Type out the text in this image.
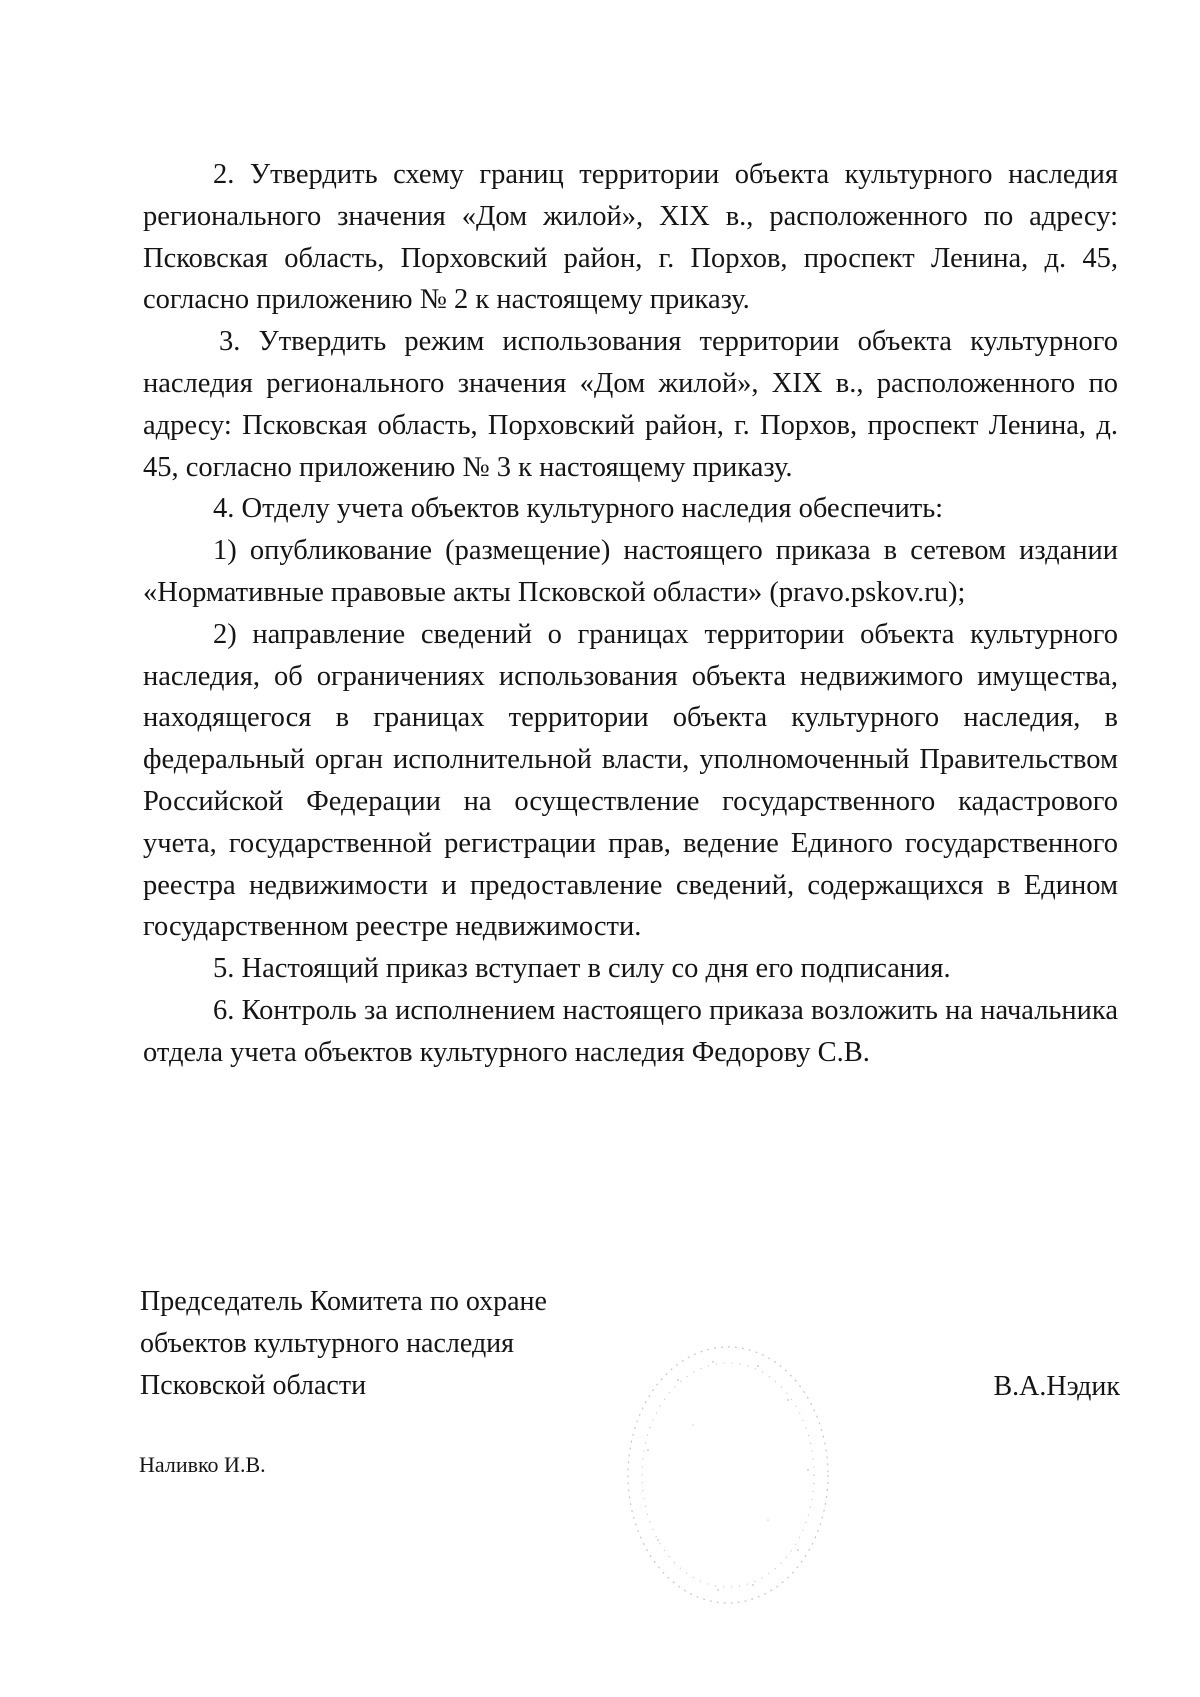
2. Утвердить схему границ территории объекта культурного наследия регионального значения «Дом жилой», XIX в., расположенного по адресу: Псковская область, Порховский район, г. Порхов, проспект Ленина, д. 45, согласно приложению № 2 к настоящему приказу.

3. Утвердить режим использования территории объекта культурного наследия регионального значения «Дом жилой», XIX в., расположенного по адресу: Псковская область, Порховский район, г. Порхов, проспект Ленина, д. 45, согласно приложению № 3 к настоящему приказу.

4. Отделу учета объектов культурного наследия обеспечить:

1) опубликование (размещение) настоящего приказа в сетевом издании «Нормативные правовые акты Псковской области» (pravo.pskov.ru);

2) направление сведений о границах территории объекта культурного наследия, об ограничениях использования объекта недвижимого имущества, находящегося в границах территории объекта культурного наследия, в федеральный орган исполнительной власти, уполномоченный Правительством Российской Федерации на осуществление государственного кадастрового учета, государственной регистрации прав, ведение Единого государственного реестра недвижимости и предоставление сведений, содержащихся в Едином государственном реестре недвижимости.

5. Настоящий приказ вступает в силу со дня его подписания.

6. Контроль за исполнением настоящего приказа возложить на начальника отдела учета объектов культурного наследия Федорову С.В.

Председатель Комитета по охране
объектов культурного наследия
Псковской области	В.А.Нэдик
Наливко И.В.
